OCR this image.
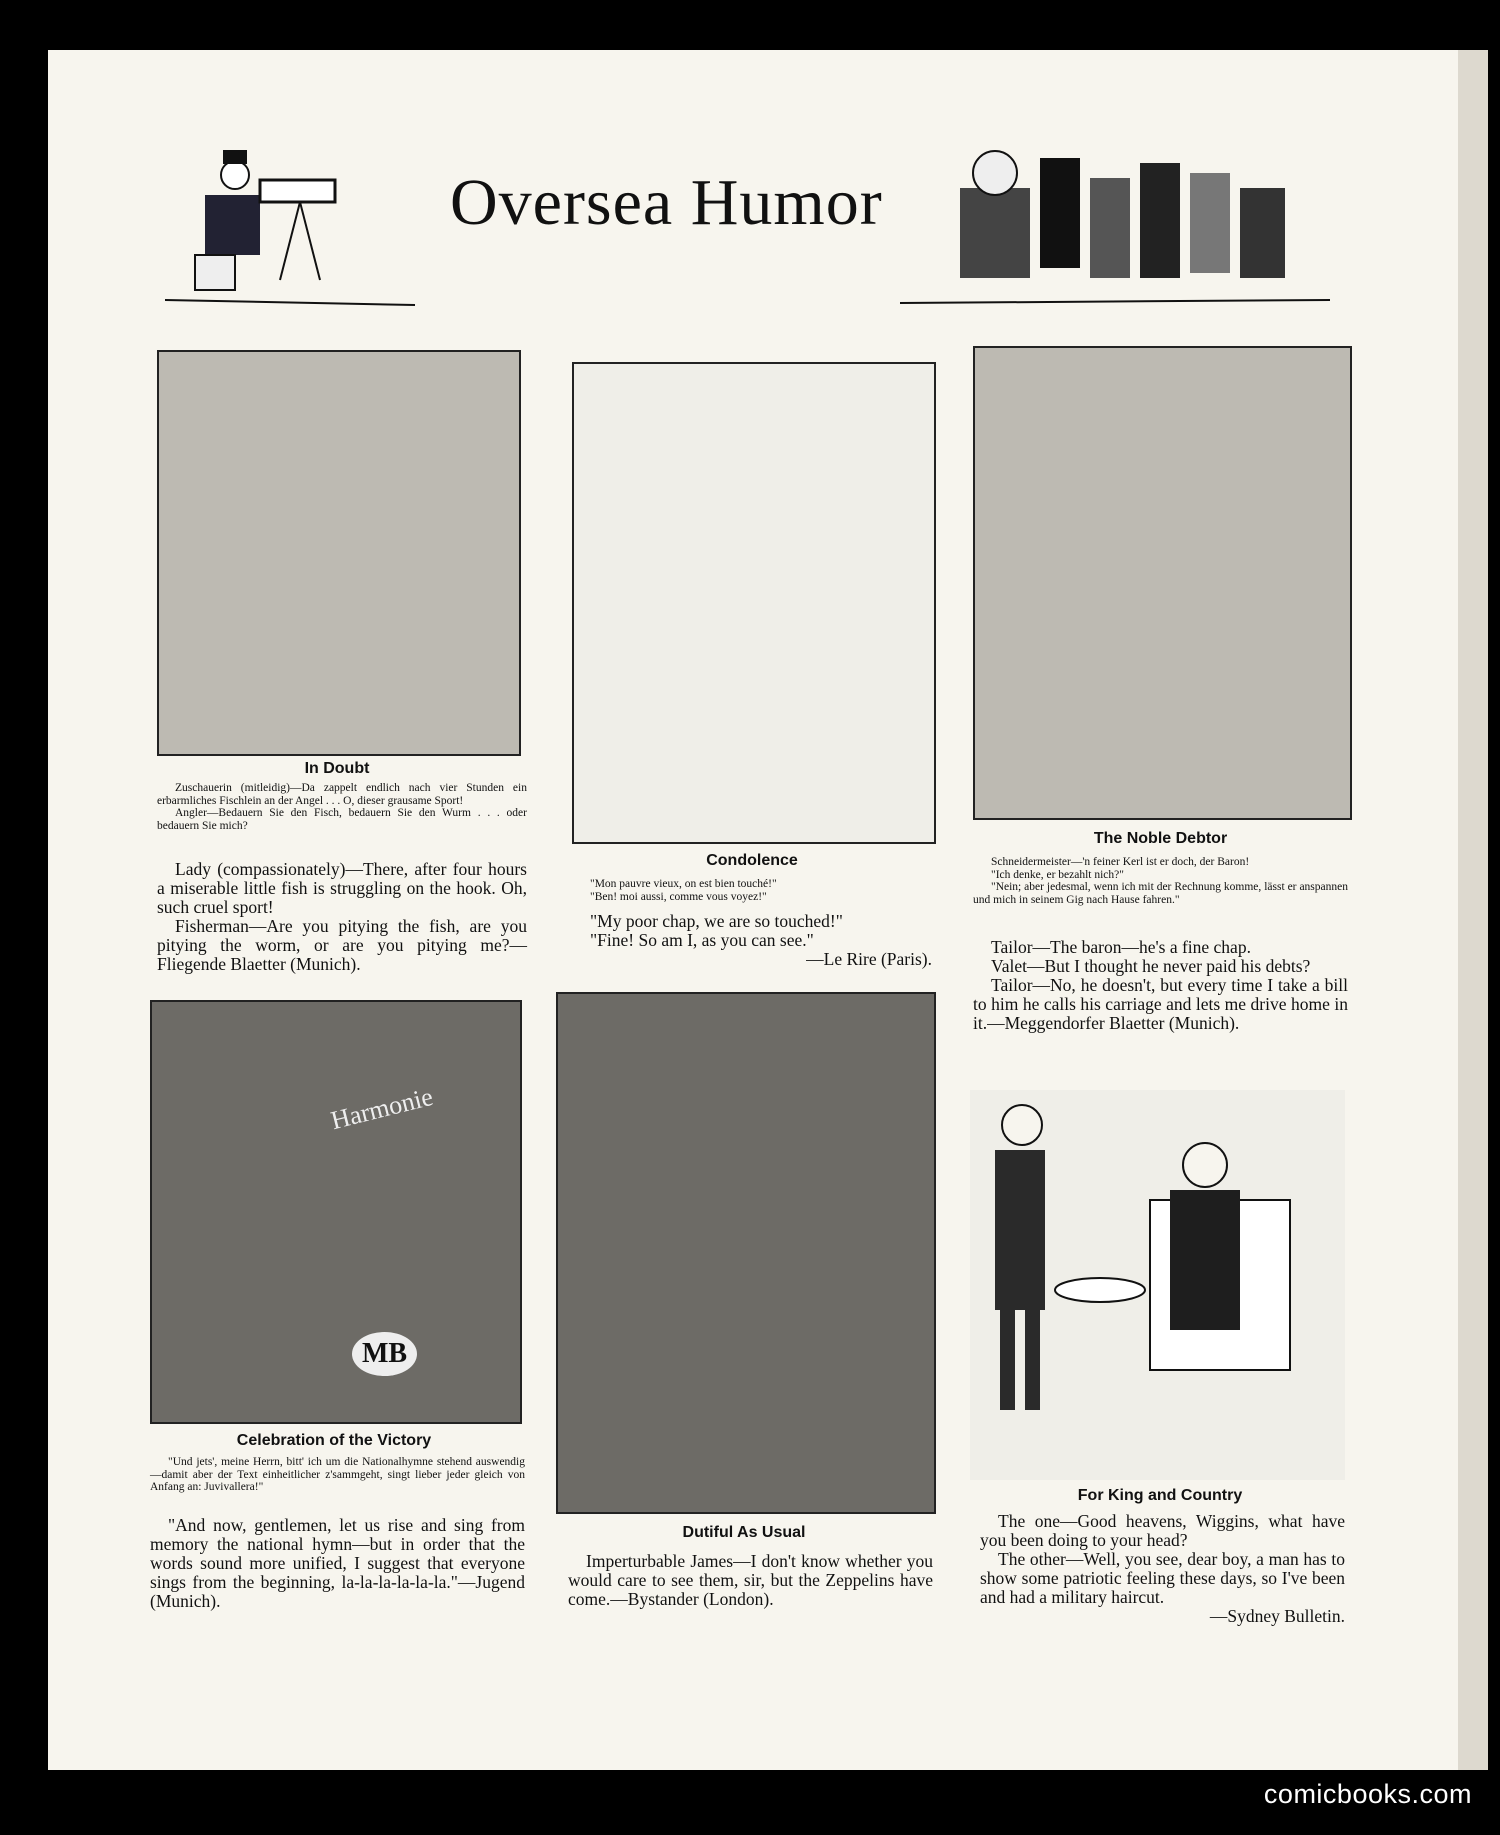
Oversea Humor
In Doubt

Zuschauerin (mitleidig)—Da zappelt endlich nach vier Stunden ein erbarmliches Fischlein an der Angel . . . O, dieser grausame Sport!

Angler—Bedauern Sie den Fisch, bedauern Sie den Wurm . . . oder bedauern Sie mich?

Lady (compassionately)—There, after four hours a miserable little fish is struggling on the hook. Oh, such cruel sport!

Fisherman—Are you pitying the fish, are you pitying the worm, or are you pitying me?—Fliegende Blaetter (Munich).

Condolence

"Mon pauvre vieux, on est bien touché!"

"Ben! moi aussi, comme vous voyez!"

"My poor chap, we are so touched!"

"Fine! So am I, as you can see."

—Le Rire (Paris).
The Noble Debtor

Schneidermeister—'n feiner Kerl ist er doch, der Baron!

"Ich denke, er bezahlt nich?"

"Nein; aber jedesmal, wenn ich mit der Rechnung komme, lässt er anspannen und mich in seinem Gig nach Hause fahren."

Tailor—The baron—he's a fine chap.

Valet—But I thought he never paid his debts?

Tailor—No, he doesn't, but every time I take a bill to him he calls his carriage and lets me drive home in it.—Meggendorfer Blaetter (Munich).

Harmonie
MB
Celebration of the Victory

"Und jets', meine Herrn, bitt' ich um die Nationalhymne stehend auswendig—damit aber der Text einheitlicher z'sammgeht, singt lieber jeder gleich von Anfang an: Juvivallera!"

"And now, gentlemen, let us rise and sing from memory the national hymn—but in order that the words sound more unified, I suggest that everyone sings from the beginning, la-la-la-la-la-la."—Jugend (Munich).

Dutiful As Usual

Imperturbable James—I don't know whether you would care to see them, sir, but the Zeppelins have come.—Bystander (London).

For King and Country

The one—Good heavens, Wiggins, what have you been doing to your head?

The other—Well, you see, dear boy, a man has to show some patriotic feeling these days, so I've been and had a military haircut.

—Sydney Bulletin.
comicbooks.com
